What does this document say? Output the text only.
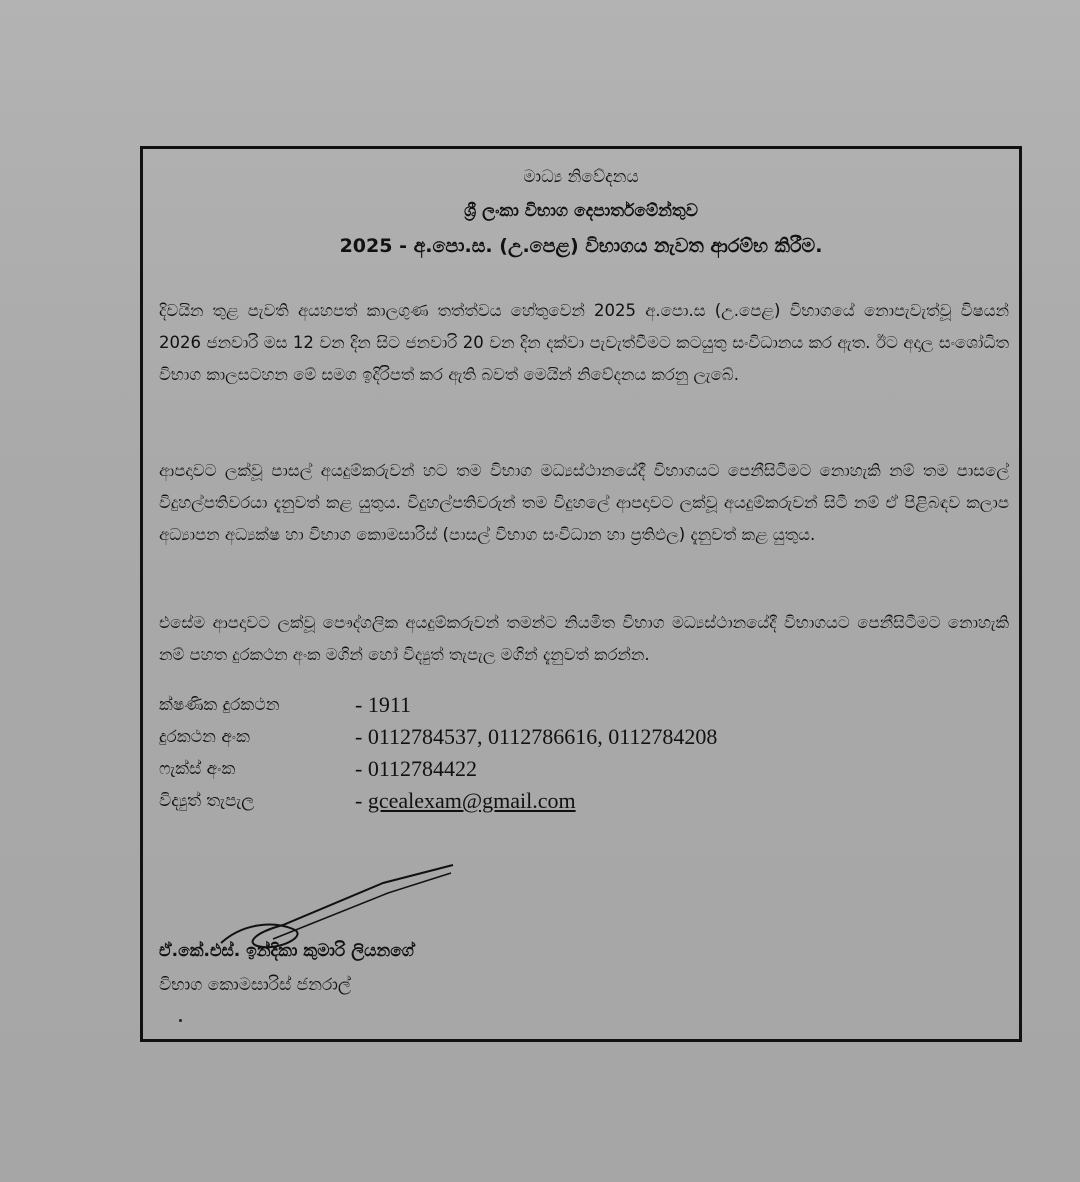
මාධ්‍ය නිවේදනය
ශ්‍රී ලංකා විභාග දෙපාර්තමේන්තුව
2025 - අ.පො.ස. (උ.පෙළ) විභාගය නැවත ආරම්භ කිරීම.
දිවයින තුළ පැවති අයහපත් කාලගුණ තත්ත්වය හේතුවෙන් 2025 අ.පො.ස (උ.පෙළ) විභාගයේ නොපැවැත්වූ විෂයන් 2026 ජනවාරි මස 12 වන දින සිට ජනවාරි 20 වන දින දක්වා පැවැත්වීමට කටයුතු සංවිධානය කර ඇත. ඊට අදාල සංශෝධිත විභාග කාලසටහන මේ සමග ඉදිරිපත් කර ඇති බවත් මෙයින් නිවේදනය කරනු ලැබේ.
ආපදාවට ලක්වූ පාසල් අයදුම්කරුවන් හට තම විභාග මධ්‍යස්ථානයේදී විභාගයට පෙනීසිටීමට නොහැකි නම් තම පාසලේ විදුහල්පතිවරයා දැනුවත් කළ යුතුය. විදුහල්පතිවරුන් තම විදුහලේ ආපදාවට ලක්වූ අයදුම්කරුවන් සිටී නම් ඒ පිළිබඳව කලාප අධ්‍යාපන අධ්‍යක්ෂ හා විභාග කොමසාරිස් (පාසල් විභාග සංවිධාන හා ප්‍රතිඵල) දැනුවත් කළ යුතුය.
එසේම ආපදාවට ලක්වූ පෞද්ගලික අයදුම්කරුවන් තමන්ට නියමිත විභාග මධ්‍යස්ථානයේදී විභාගයට පෙනීසිටීමට නොහැකි නම් පහත දුරකථන අංක මගින් හෝ විද්‍යුත් තැපැල මගින් දැනුවත් කරන්න.
ක්ෂණික දුරකථන	- 1911
දුරකථන අංක	- 0112784537, 0112786616, 0112784208
ෆැක්ස් අංක	- 0112784422
විද්‍යුත් තැපැල	- gcealexam@gmail.com
ඒ.කේ.එස්. ඉන්දිකා කුමාරි ලියනගේ
විභාග කොමසාරිස් ජනරාල්
